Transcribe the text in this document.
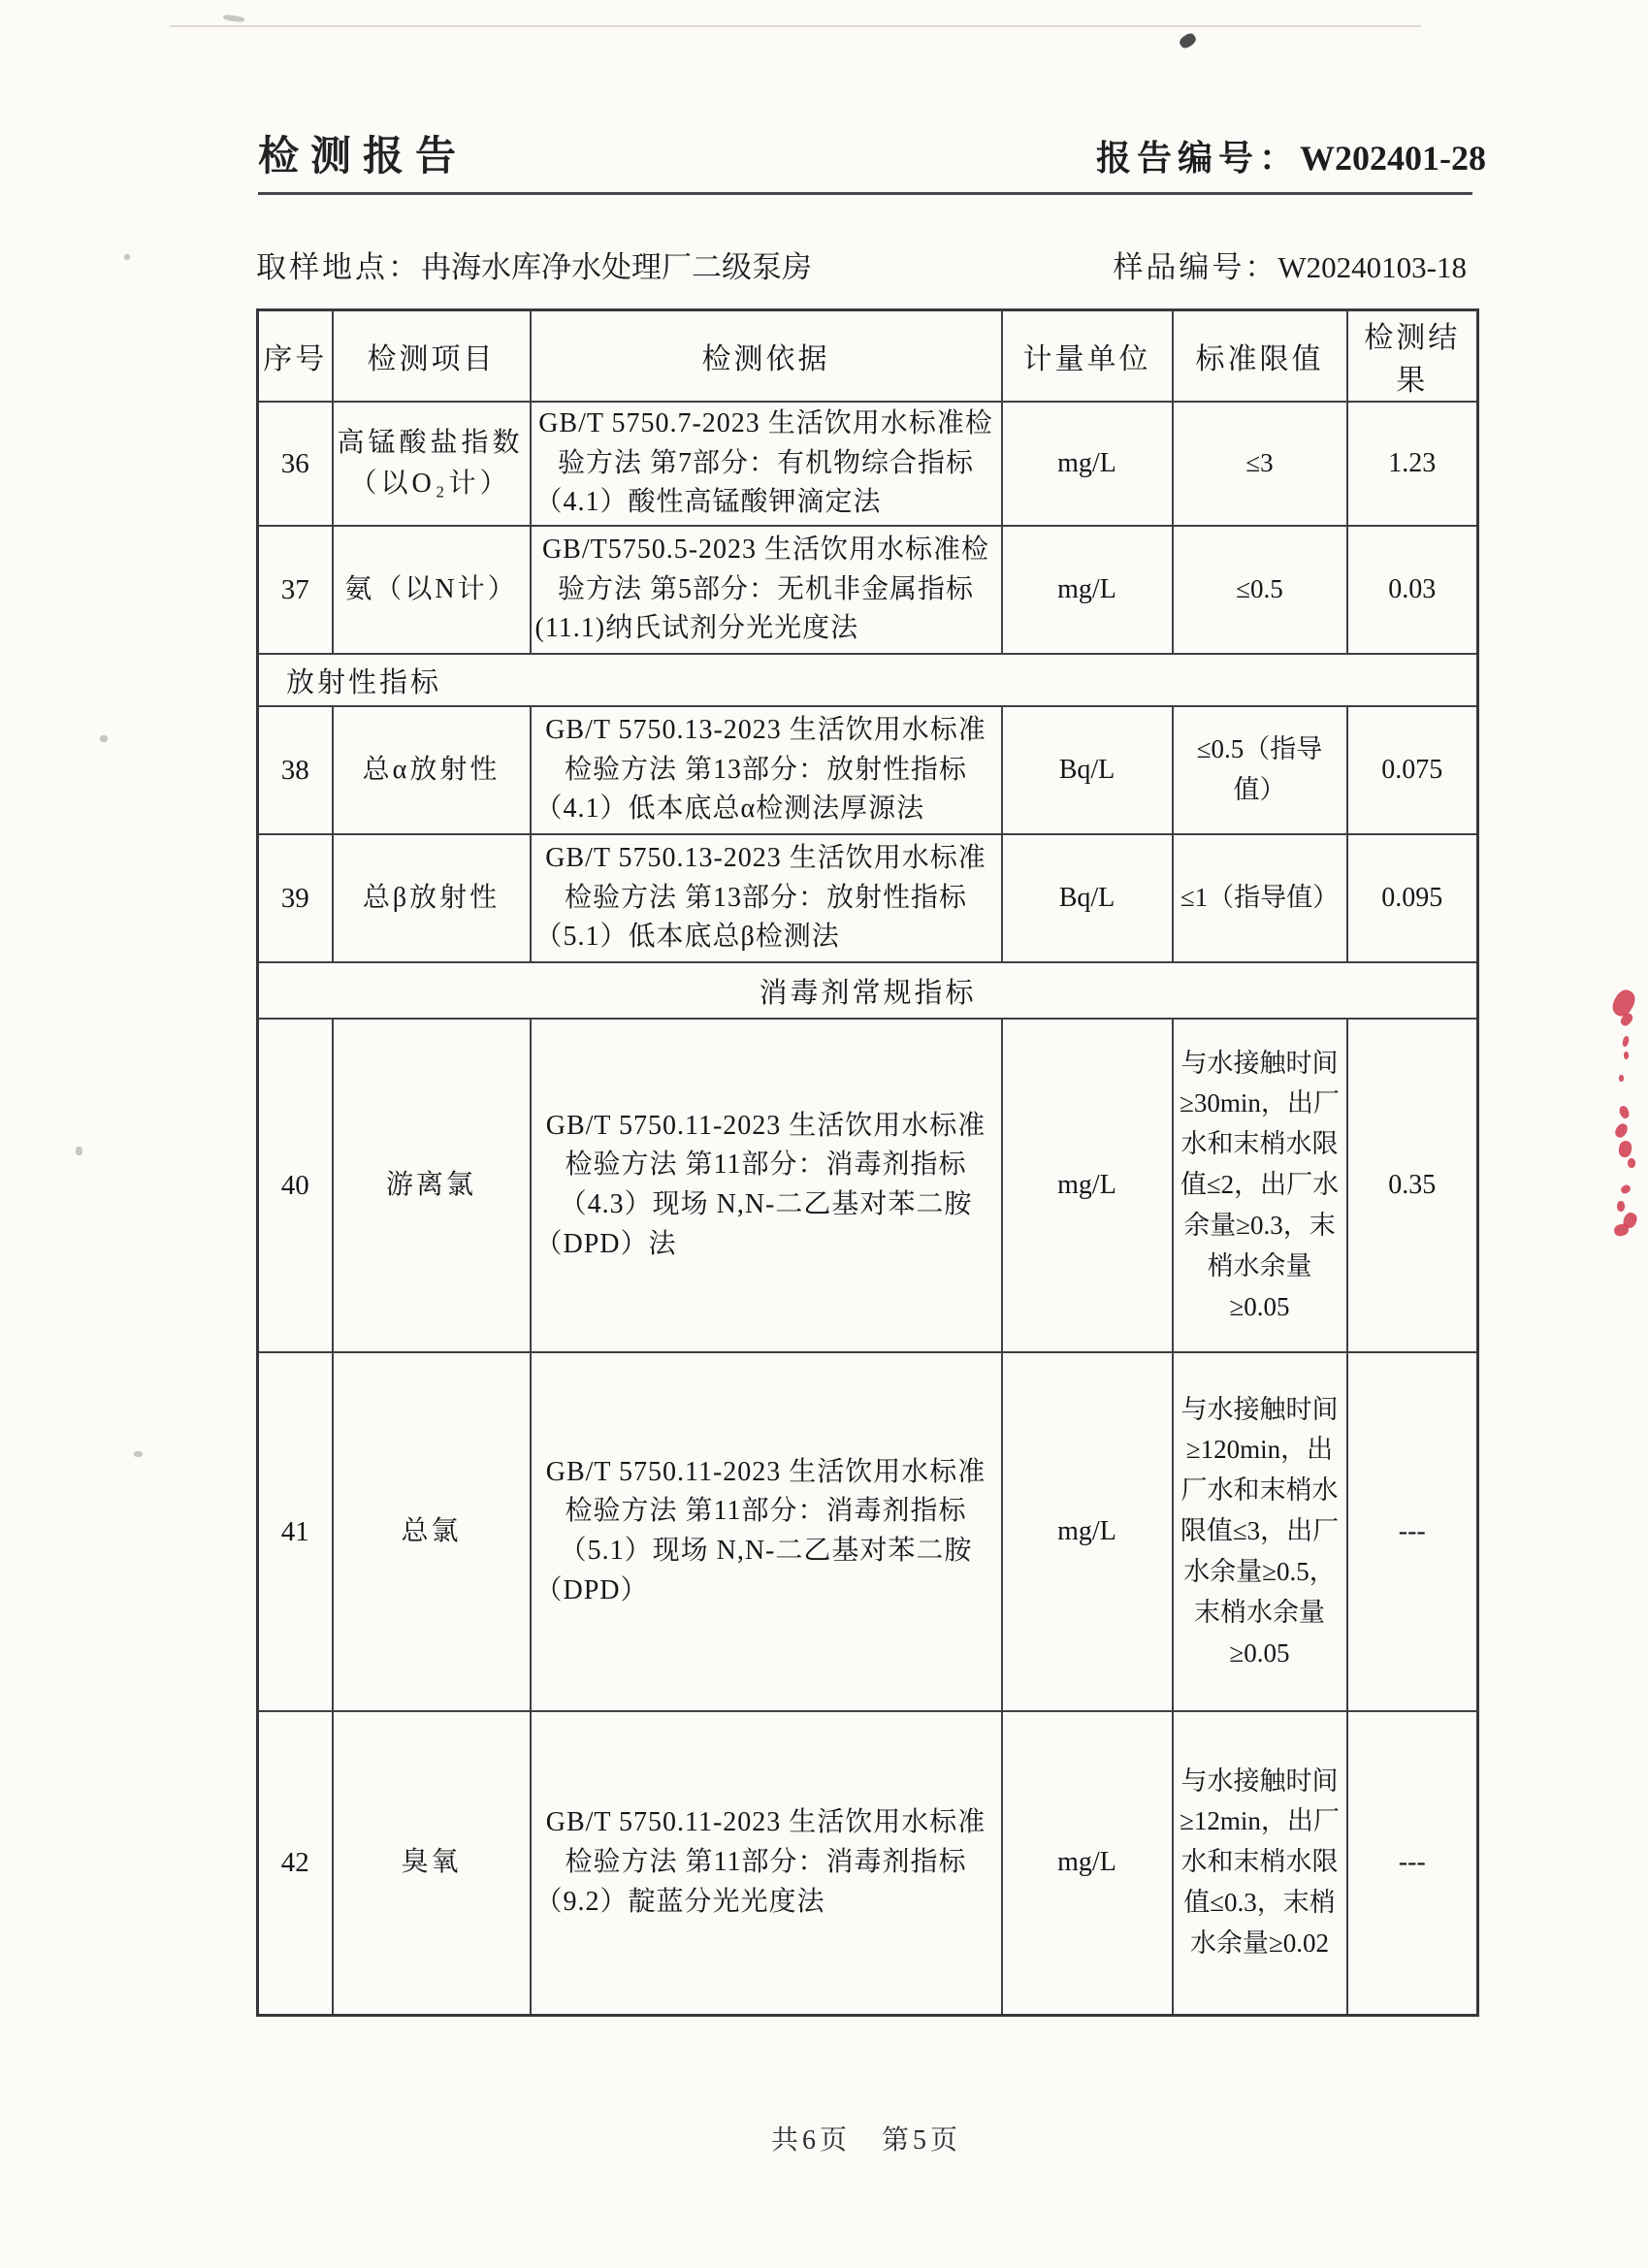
检测报告	报告编号：W202401-28
取样地点：冉海水库净水处理厂二级泵房	样品编号：W20240103-18
序号	检测项目	检测依据	计量单位	标准限值	检测结果
36	高锰酸盐指数（以O₂计）	GB/T 5750.7-2023 生活饮用水标准检验方法 第7部分：有机物综合指标（4.1）酸性高锰酸钾滴定法	mg/L	≤3	1.23
37	氨（以N计）	GB/T5750.5-2023 生活饮用水标准检验方法 第5部分：无机非金属指标(11.1)纳氏试剂分光光度法	mg/L	≤0.5	0.03
放射性指标					
38	总α放射性	GB/T 5750.13-2023 生活饮用水标准检验方法 第13部分：放射性指标（4.1）低本底总α检测法厚源法	Bq/L	≤0.5（指导值）	0.075
39	总β放射性	GB/T 5750.13-2023 生活饮用水标准检验方法 第13部分：放射性指标（5.1）低本底总β检测法	Bq/L	≤1（指导值）	0.095
消毒剂常规指标					
40	游离氯	GB/T 5750.11-2023 生活饮用水标准检验方法 第11部分：消毒剂指标（4.3）现场 N,N-二乙基对苯二胺（DPD）法	mg/L	与水接触时间≥30min，出厂水和末梢水限值≤2，出厂水余量≥0.3，末梢水余量≥0.05	0.35
41	总氯	GB/T 5750.11-2023 生活饮用水标准检验方法 第11部分：消毒剂指标（5.1）现场 N,N-二乙基对苯二胺（DPD）	mg/L	与水接触时间≥120min，出厂水和末梢水限值≤3，出厂水余量≥0.5，末梢水余量≥0.05	---
42	臭氧	GB/T 5750.11-2023 生活饮用水标准检验方法 第11部分：消毒剂指标（9.2）靛蓝分光光度法	mg/L	与水接触时间≥12min，出厂水和末梢水限值≤0.3，末梢水余量≥0.02	---
共6页　第5页
